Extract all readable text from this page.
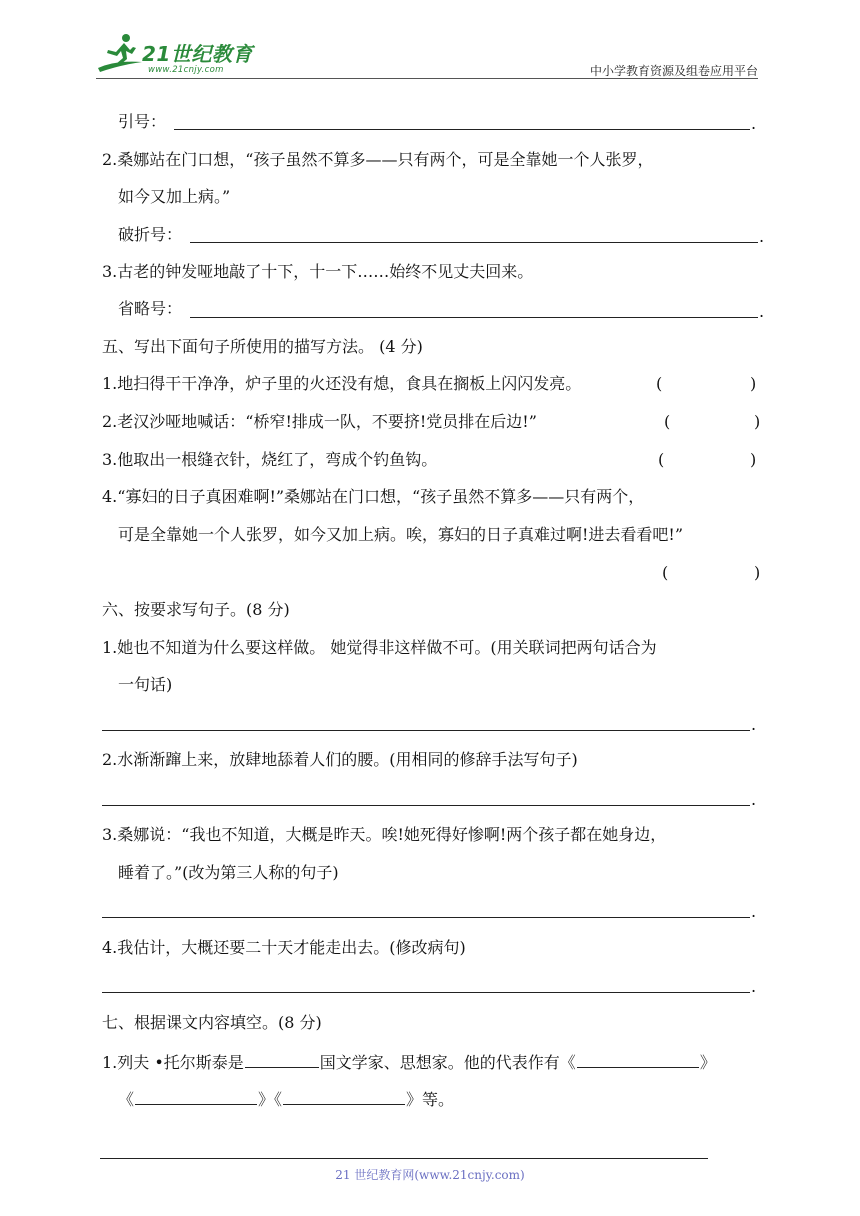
21世纪教育
www.21cnjy.com	中小学教育资源及组卷应用平台
引号：	.
2.桑娜站在门口想，“孩子虽然不算多——只有两个，可是全靠她一个人张罗，
如今又加上病。”
破折号：	.
3.古老的钟发哑地敲了十下，十一下……始终不见丈夫回来。
省略号：	.
五、写出下面句子所使用的描写方法。 (4 分)
1.地扫得干干净净，炉子里的火还没有熄，食具在搁板上闪闪发亮。	(	)
2.老汉沙哑地喊话：“桥窄!排成一队，不要挤!党员排在后边!”	(	)
3.他取出一根缝衣针，烧红了，弯成个钓鱼钩。	(	)
4.“寡妇的日子真困难啊!”桑娜站在门口想，“孩子虽然不算多——只有两个，
可是全靠她一个人张罗，如今又加上病。唉，寡妇的日子真难过啊!进去看看吧!”
(	)
六、按要求写句子。(8 分)
1.她也不知道为什么要这样做。 她觉得非这样做不可。(用关联词把两句话合为
一句话)
.
2.水渐渐蹿上来，放肆地舔着人们的腰。(用相同的修辞手法写句子)
.
3.桑娜说：“我也不知道，大概是昨天。唉!她死得好惨啊!两个孩子都在她身边，
睡着了。”(改为第三人称的句子)
.
4.我估计，大概还要二十天才能走出去。(修改病句)
.
七、根据课文内容填空。(8 分)
1.列夫 •托尔斯泰是	国文学家、思想家。他的代表作有《	》
《	》《	》等。
21 世纪教育网(www.21cnjy.com)
